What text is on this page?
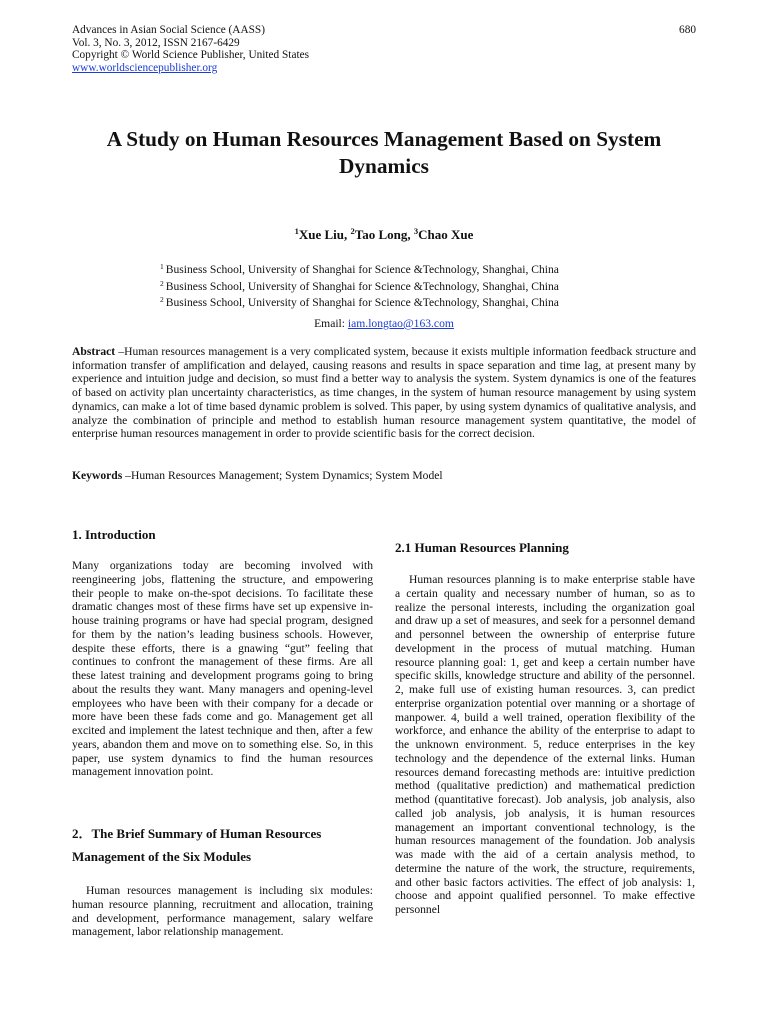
Advances in Asian Social Science (AASS)
Vol. 3, No. 3, 2012, ISSN 2167-6429
Copyright © World Science Publisher, United States
www.worldsciencepublisher.org
680
A Study on Human Resources Management Based on System Dynamics
$^1$Xue Liu, $^2$Tao Long, $^3$Chao Xue
$^1$ Business School, University of Shanghai for Science &Technology, Shanghai, China
$^2$ Business School, University of Shanghai for Science &Technology, Shanghai, China
$^2$ Business School, University of Shanghai for Science &Technology, Shanghai, China
Email: iam.longtao@163.com
Abstract –Human resources management is a very complicated system, because it exists multiple information feedback structure and information transfer of amplification and delayed, causing reasons and results in space separation and time lag, at present many by experience and intuition judge and decision, so must find a better way to analysis the system. System dynamics is one of the features of based on activity plan uncertainty characteristics, as time changes, in the system of human resource management by using system dynamics, can make a lot of time based dynamic problem is solved. This paper, by using system dynamics of qualitative analysis, and analyze the combination of principle and method to establish human resource management system quantitative, the model of enterprise human resources management in order to provide scientific basis for the correct decision.
Keywords –Human Resources Management; System Dynamics; System Model
1. Introduction
Many organizations today are becoming involved with reengineering jobs, flattening the structure, and empowering their people to make on-the-spot decisions. To facilitate these dramatic changes most of these firms have set up expensive in-house training programs or have had special program, designed for them by the nation’s leading business schools. However, despite these efforts, there is a gnawing “gut” feeling that continues to confront the management of these firms. Are all these latest training and development programs going to bring about the results they want. Many managers and opening-level employees who have been with their company for a decade or more have been these fads come and go. Management get all excited and implement the latest technique and then, after a few years, abandon them and move on to something else. So, in this paper, use system dynamics to find the human resources management innovation point.
2．The Brief Summary of Human Resources Management of the Six Modules
Human resources management is including six modules: human resource planning, recruitment and allocation, training and development, performance management, salary welfare management, labor relationship management.
2.1 Human Resources Planning
Human resources planning is to make enterprise stable have a certain quality and necessary number of human, so as to realize the personal interests, including the organization goal and draw up a set of measures, and seek for a personnel demand and personnel between the ownership of enterprise future development in the process of mutual matching. Human resource planning goal: 1, get and keep a certain number have specific skills, knowledge structure and ability of the personnel. 2, make full use of existing human resources. 3, can predict enterprise organization potential over manning or a shortage of manpower. 4, build a well trained, operation flexibility of the workforce, and enhance the ability of the enterprise to adapt to the unknown environment. 5, reduce enterprises in the key technology and the dependence of the external links. Human resources demand forecasting methods are: intuitive prediction method (qualitative prediction) and mathematical prediction method (quantitative forecast). Job analysis, job analysis, also called job analysis, job analysis, it is human resources management an important conventional technology, is the human resources management of the foundation. Job analysis was made with the aid of a certain analysis method, to determine the nature of the work, the structure, requirements, and other basic factors activities. The effect of job analysis: 1, choose and appoint qualified personnel. To make effective personnel
